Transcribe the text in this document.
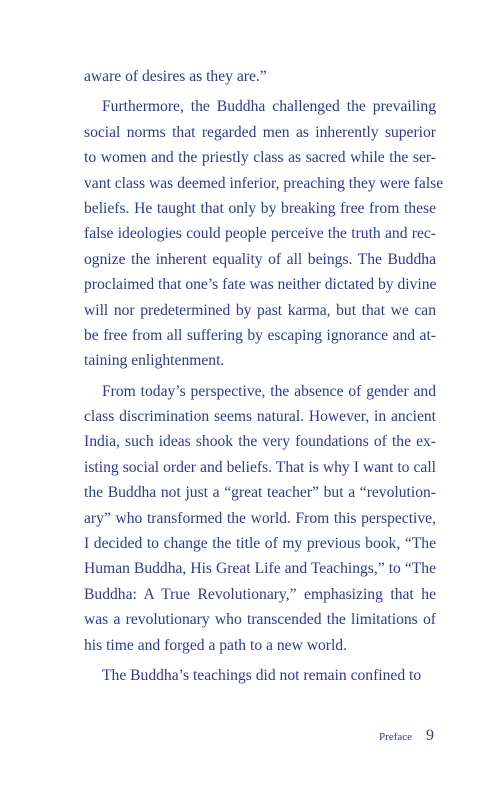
aware of desires as they are.”
Furthermore, the Buddha challenged the prevailing
social norms that regarded men as inherently superior
to women and the priestly class as sacred while the ser-
vant class was deemed inferior, preaching they were false
beliefs. He taught that only by breaking free from these
false ideologies could people perceive the truth and rec-
ognize the inherent equality of all beings. The Buddha
proclaimed that one’s fate was neither dictated by divine
will nor predetermined by past karma, but that we can
be free from all suffering by escaping ignorance and at-
taining enlightenment.
From today’s perspective, the absence of gender and
class discrimination seems natural. However, in ancient
India, such ideas shook the very foundations of the ex-
isting social order and beliefs. That is why I want to call
the Buddha not just a “great teacher” but a “revolution-
ary” who transformed the world. From this perspective,
I decided to change the title of my previous book, “The
Human Buddha, His Great Life and Teachings,” to “The
Buddha: A True Revolutionary,” emphasizing that he
was a revolutionary who transcended the limitations of
his time and forged a path to a new world.
The Buddha’s teachings did not remain confined to
Preface 9
